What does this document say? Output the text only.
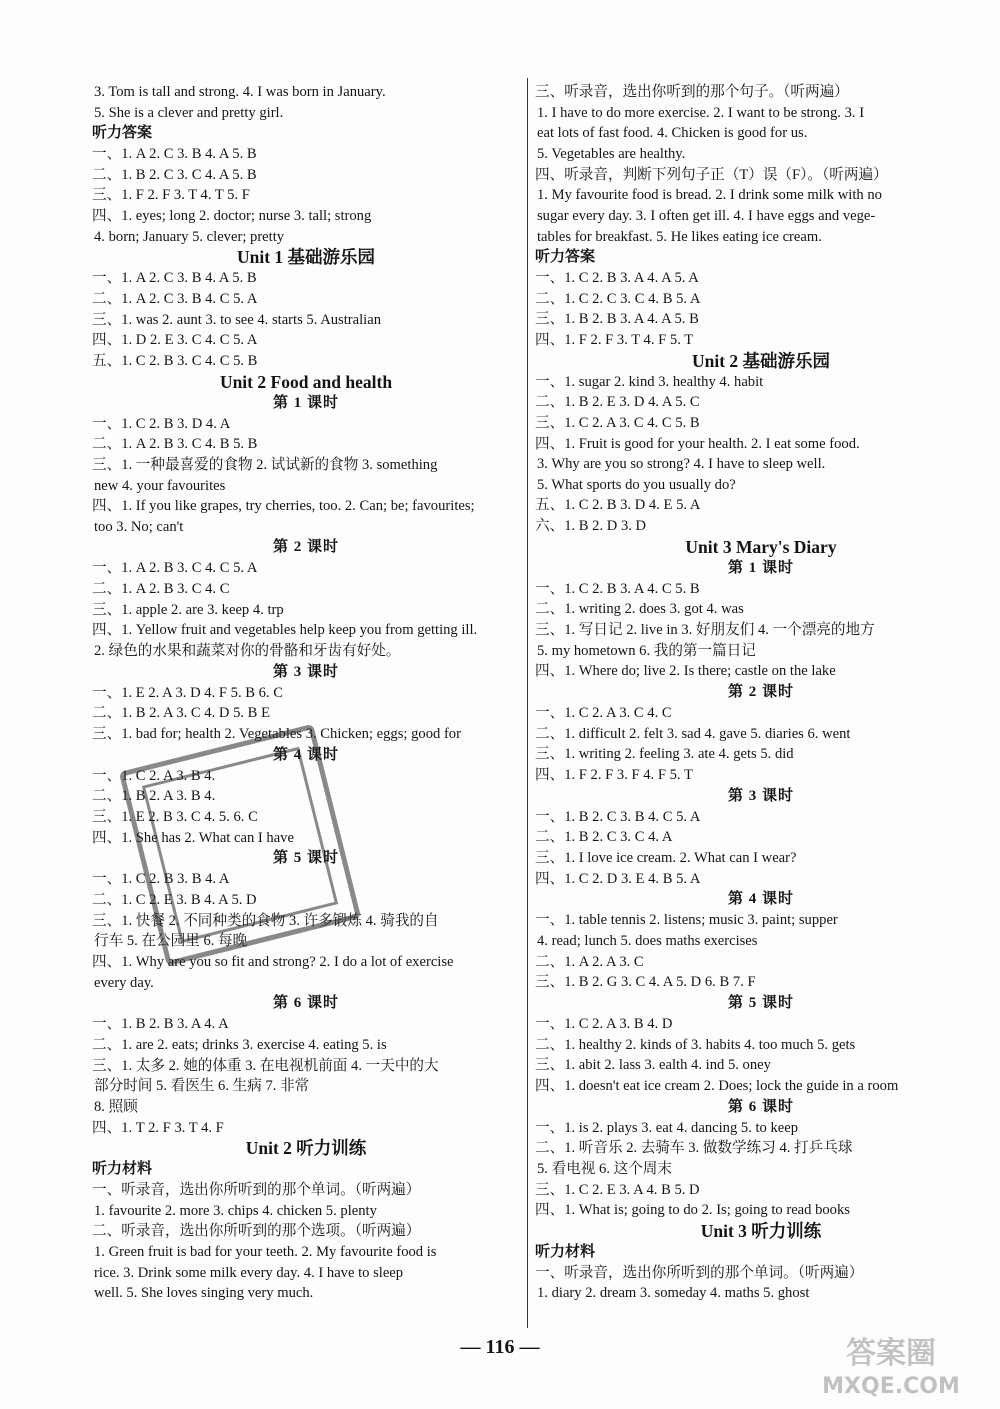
3. Tom is tall and strong. 4. I was born in January.
5. She is a clever and pretty girl.
听力答案
一、1. A 2. C 3. B 4. A 5. B
二、1. B 2. C 3. C 4. A 5. B
三、1. F 2. F 3. T 4. T 5. F
四、1. eyes; long 2. doctor; nurse 3. tall; strong
4. born; January 5. clever; pretty
Unit 1 基础游乐园
一、1. A 2. C 3. B 4. A 5. B
二、1. A 2. C 3. B 4. C 5. A
三、1. was 2. aunt 3. to see 4. starts 5. Australian
四、1. D 2. E 3. C 4. C 5. A
五、1. C 2. B 3. C 4. C 5. B
Unit 2 Food and health
第 1 课时
一、1. C 2. B 3. D 4. A
二、1. A 2. B 3. C 4. B 5. B
三、1. 一种最喜爱的食物 2. 试试新的食物 3. something
new 4. your favourites
四、1. If you like grapes, try cherries, too. 2. Can; be; favourites;
too 3. No; can't
第 2 课时
一、1. A 2. B 3. C 4. C 5. A
二、1. A 2. B 3. C 4. C
三、1. apple 2. are 3. keep 4. trp
四、1. Yellow fruit and vegetables help keep you from getting ill.
2. 绿色的水果和蔬菜对你的骨骼和牙齿有好处。
第 3 课时
一、1. E 2. A 3. D 4. F 5. B 6. C
二、1. B 2. A 3. C 4. D 5. B E
三、1. bad for; health 2. Vegetables 3. Chicken; eggs; good for
第 4 课时
一、1. C 2. A 3. B 4.
二、1. B 2. A 3. B 4.
三、1. E 2. B 3. C 4. 5. 6. C
四、1. She has 2. What can I have
第 5 课时
一、1. C 2. B 3. B 4. A
二、1. C 2. E 3. B 4. A 5. D
三、1. 快餐 2. 不同种类的食物 3. 许多锻炼 4. 骑我的自
行车 5. 在公园里 6. 每晚
四、1. Why are you so fit and strong? 2. I do a lot of exercise
every day.
第 6 课时
一、1. B 2. B 3. A 4. A
二、1. are 2. eats; drinks 3. exercise 4. eating 5. is
三、1. 太多 2. 她的体重 3. 在电视机前面 4. 一天中的大
部分时间 5. 看医生 6. 生病 7. 非常
8. 照顾
四、1. T 2. F 3. T 4. F
Unit 2 听力训练
听力材料
一、听录音，选出你所听到的那个单词。（听两遍）
1. favourite 2. more 3. chips 4. chicken 5. plenty
二、听录音，选出你所听到的那个选项。（听两遍）
1. Green fruit is bad for your teeth. 2. My favourite food is
rice. 3. Drink some milk every day. 4. I have to sleep
well. 5. She loves singing very much.
三、听录音，选出你听到的那个句子。（听两遍）
1. I have to do more exercise. 2. I want to be strong. 3. I
eat lots of fast food. 4. Chicken is good for us.
5. Vegetables are healthy.
四、听录音，判断下列句子正（T）误（F）。（听两遍）
1. My favourite food is bread. 2. I drink some milk with no
sugar every day. 3. I often get ill. 4. I have eggs and vege-
tables for breakfast. 5. He likes eating ice cream.
听力答案
一、1. C 2. B 3. A 4. A 5. A
二、1. C 2. C 3. C 4. B 5. A
三、1. B 2. B 3. A 4. A 5. B
四、1. F 2. F 3. T 4. F 5. T
Unit 2 基础游乐园
一、1. sugar 2. kind 3. healthy 4. habit
二、1. B 2. E 3. D 4. A 5. C
三、1. C 2. A 3. C 4. C 5. B
四、1. Fruit is good for your health. 2. I eat some food.
3. Why are you so strong? 4. I have to sleep well.
5. What sports do you usually do?
五、1. C 2. B 3. D 4. E 5. A
六、1. B 2. D 3. D
Unit 3 Mary's Diary
第 1 课时
一、1. C 2. B 3. A 4. C 5. B
二、1. writing 2. does 3. got 4. was
三、1. 写日记 2. live in 3. 好朋友们 4. 一个漂亮的地方
5. my hometown 6. 我的第一篇日记
四、1. Where do; live 2. Is there; castle on the lake
第 2 课时
一、1. C 2. A 3. C 4. C
二、1. difficult 2. felt 3. sad 4. gave 5. diaries 6. went
三、1. writing 2. feeling 3. ate 4. gets 5. did
四、1. F 2. F 3. F 4. F 5. T
第 3 课时
一、1. B 2. C 3. B 4. C 5. A
二、1. B 2. C 3. C 4. A
三、1. I love ice cream. 2. What can I wear?
四、1. C 2. D 3. E 4. B 5. A
第 4 课时
一、1. table tennis 2. listens; music 3. paint; supper
4. read; lunch 5. does maths exercises
二、1. A 2. A 3. C
三、1. B 2. G 3. C 4. A 5. D 6. B 7. F
第 5 课时
一、1. C 2. A 3. B 4. D
二、1. healthy 2. kinds of 3. habits 4. too much 5. gets
三、1. abit 2. lass 3. ealth 4. ind 5. oney
四、1. doesn't eat ice cream 2. Does; lock the guide in a room
第 6 课时
一、1. is 2. plays 3. eat 4. dancing 5. to keep
二、1. 听音乐 2. 去骑车 3. 做数学练习 4. 打乒乓球
5. 看电视 6. 这个周末
三、1. C 2. E 3. A 4. B 5. D
四、1. What is; going to do 2. Is; going to read books
Unit 3 听力训练
听力材料
一、听录音，选出你所听到的那个单词。（听两遍）
1. diary 2. dream 3. someday 4. maths 5. ghost
答案圈
MXQE.COM
— 116 —
